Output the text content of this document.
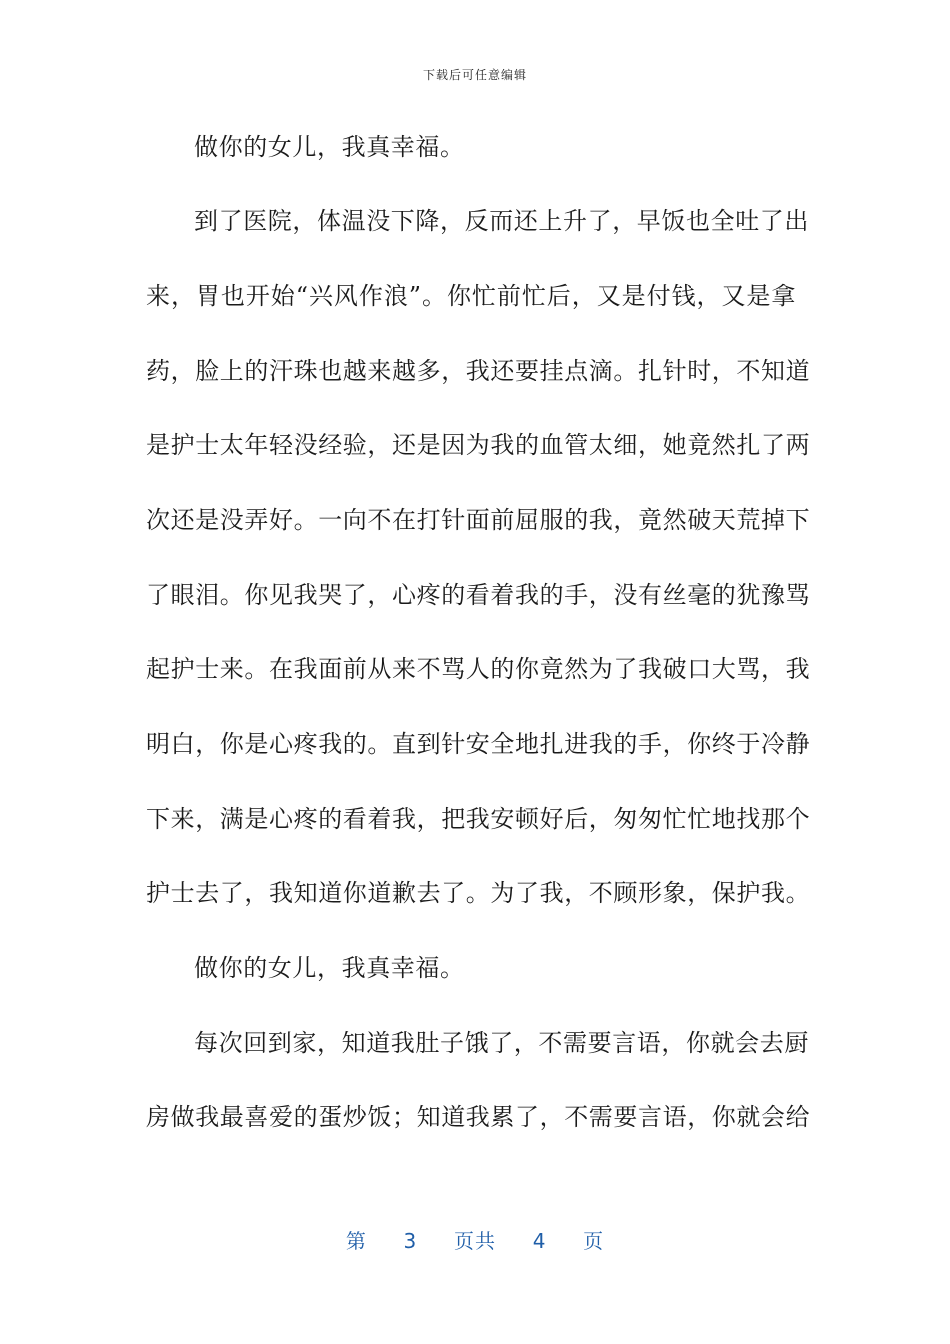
下载后可任意编辑
做你的女儿，我真幸福。
到了医院，体温没下降，反而还上升了，早饭也全吐了出
来，胃也开始“兴风作浪”。你忙前忙后，又是付钱，又是拿
药，脸上的汗珠也越来越多，我还要挂点滴。扎针时，不知道
是护士太年轻没经验，还是因为我的血管太细，她竟然扎了两
次还是没弄好。一向不在打针面前屈服的我，竟然破天荒掉下
了眼泪。你见我哭了，心疼的看着我的手，没有丝毫的犹豫骂
起护士来。在我面前从来不骂人的你竟然为了我破口大骂，我
明白，你是心疼我的。直到针安全地扎进我的手，你终于冷静
下来，满是心疼的看着我，把我安顿好后，匆匆忙忙地找那个
护士去了，我知道你道歉去了。为了我，不顾形象，保护我。
做你的女儿，我真幸福。
每次回到家，知道我肚子饿了，不需要言语，你就会去厨
房做我最喜爱的蛋炒饭；知道我累了，不需要言语，你就会给
第 3 页共 4 页
